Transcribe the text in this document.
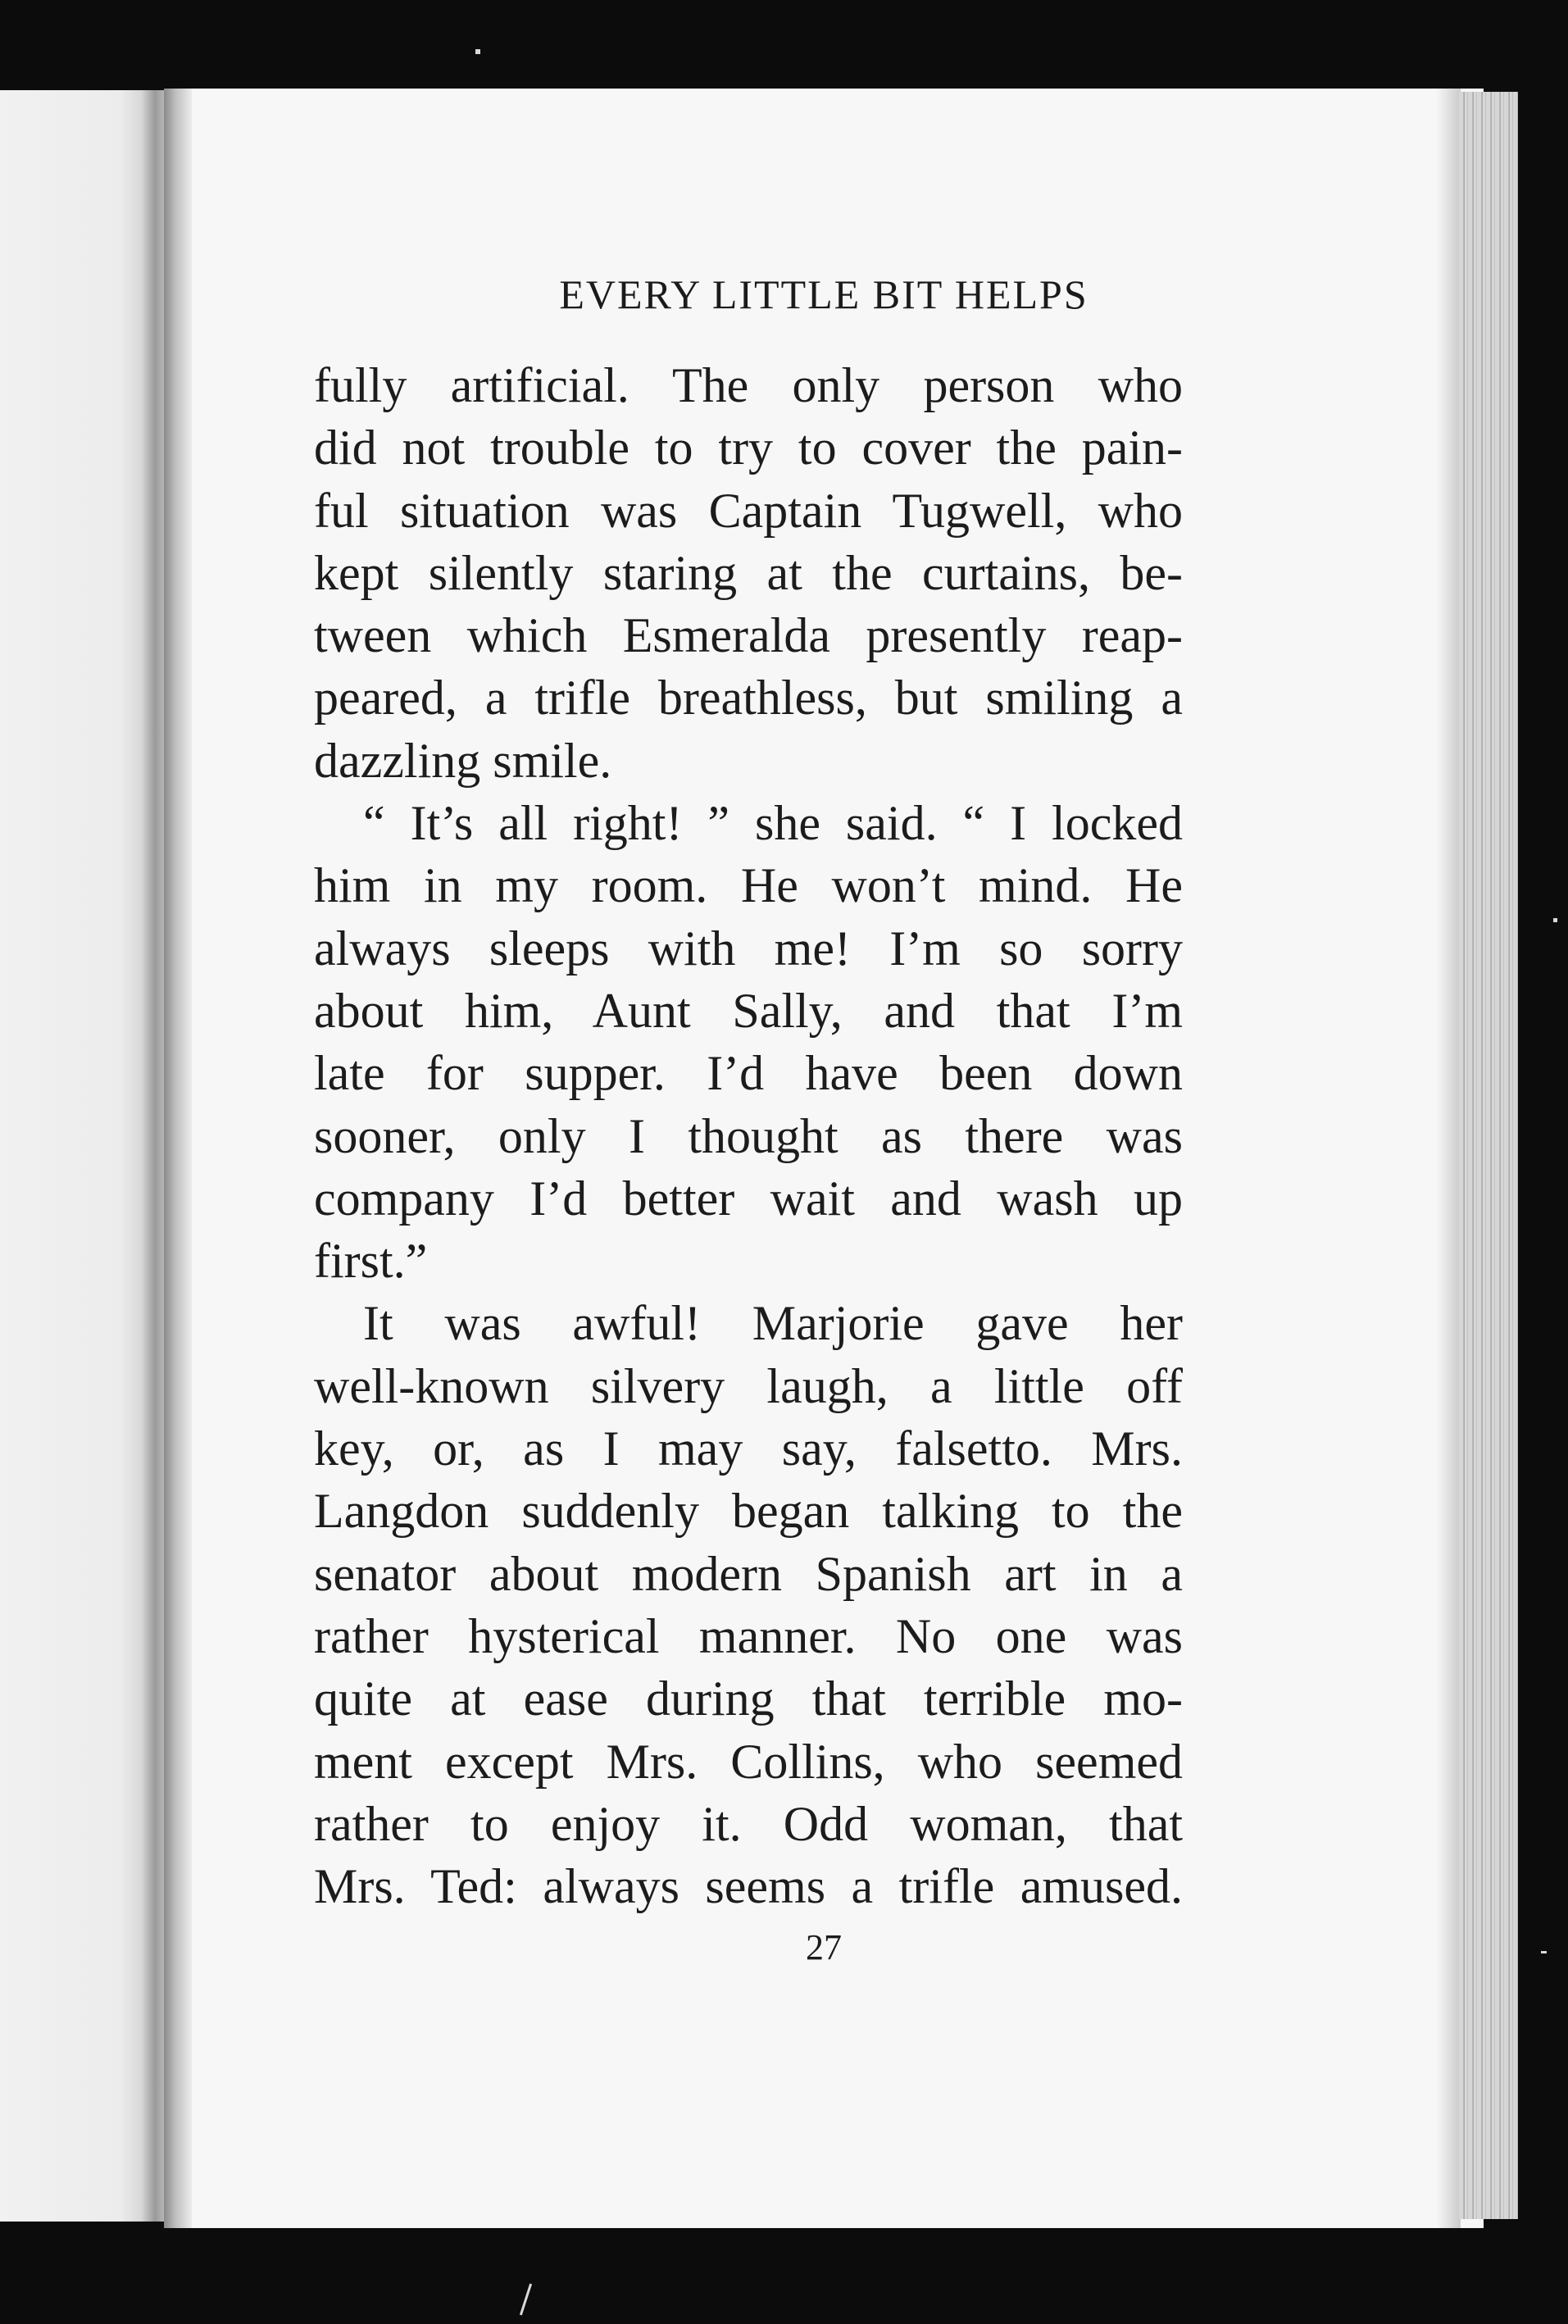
EVERY LITTLE BIT HELPS
fully artificial. The only person who
did not trouble to try to cover the pain-
ful situation was Captain Tugwell, who
kept silently staring at the curtains, be-
tween which Esmeralda presently reap-
peared, a trifle breathless, but smiling a
dazzling smile.
“ It’s all right! ” she said. “ I locked
him in my room. He won’t mind. He
always sleeps with me! I’m so sorry
about him, Aunt Sally, and that I’m
late for supper. I’d have been down
sooner, only I thought as there was
company I’d better wait and wash up
first.”
It was awful! Marjorie gave her
well-known silvery laugh, a little off
key, or, as I may say, falsetto. Mrs.
Langdon suddenly began talking to the
senator about modern Spanish art in a
rather hysterical manner. No one was
quite at ease during that terrible mo-
ment except Mrs. Collins, who seemed
rather to enjoy it. Odd woman, that
Mrs. Ted: always seems a trifle amused.
27
